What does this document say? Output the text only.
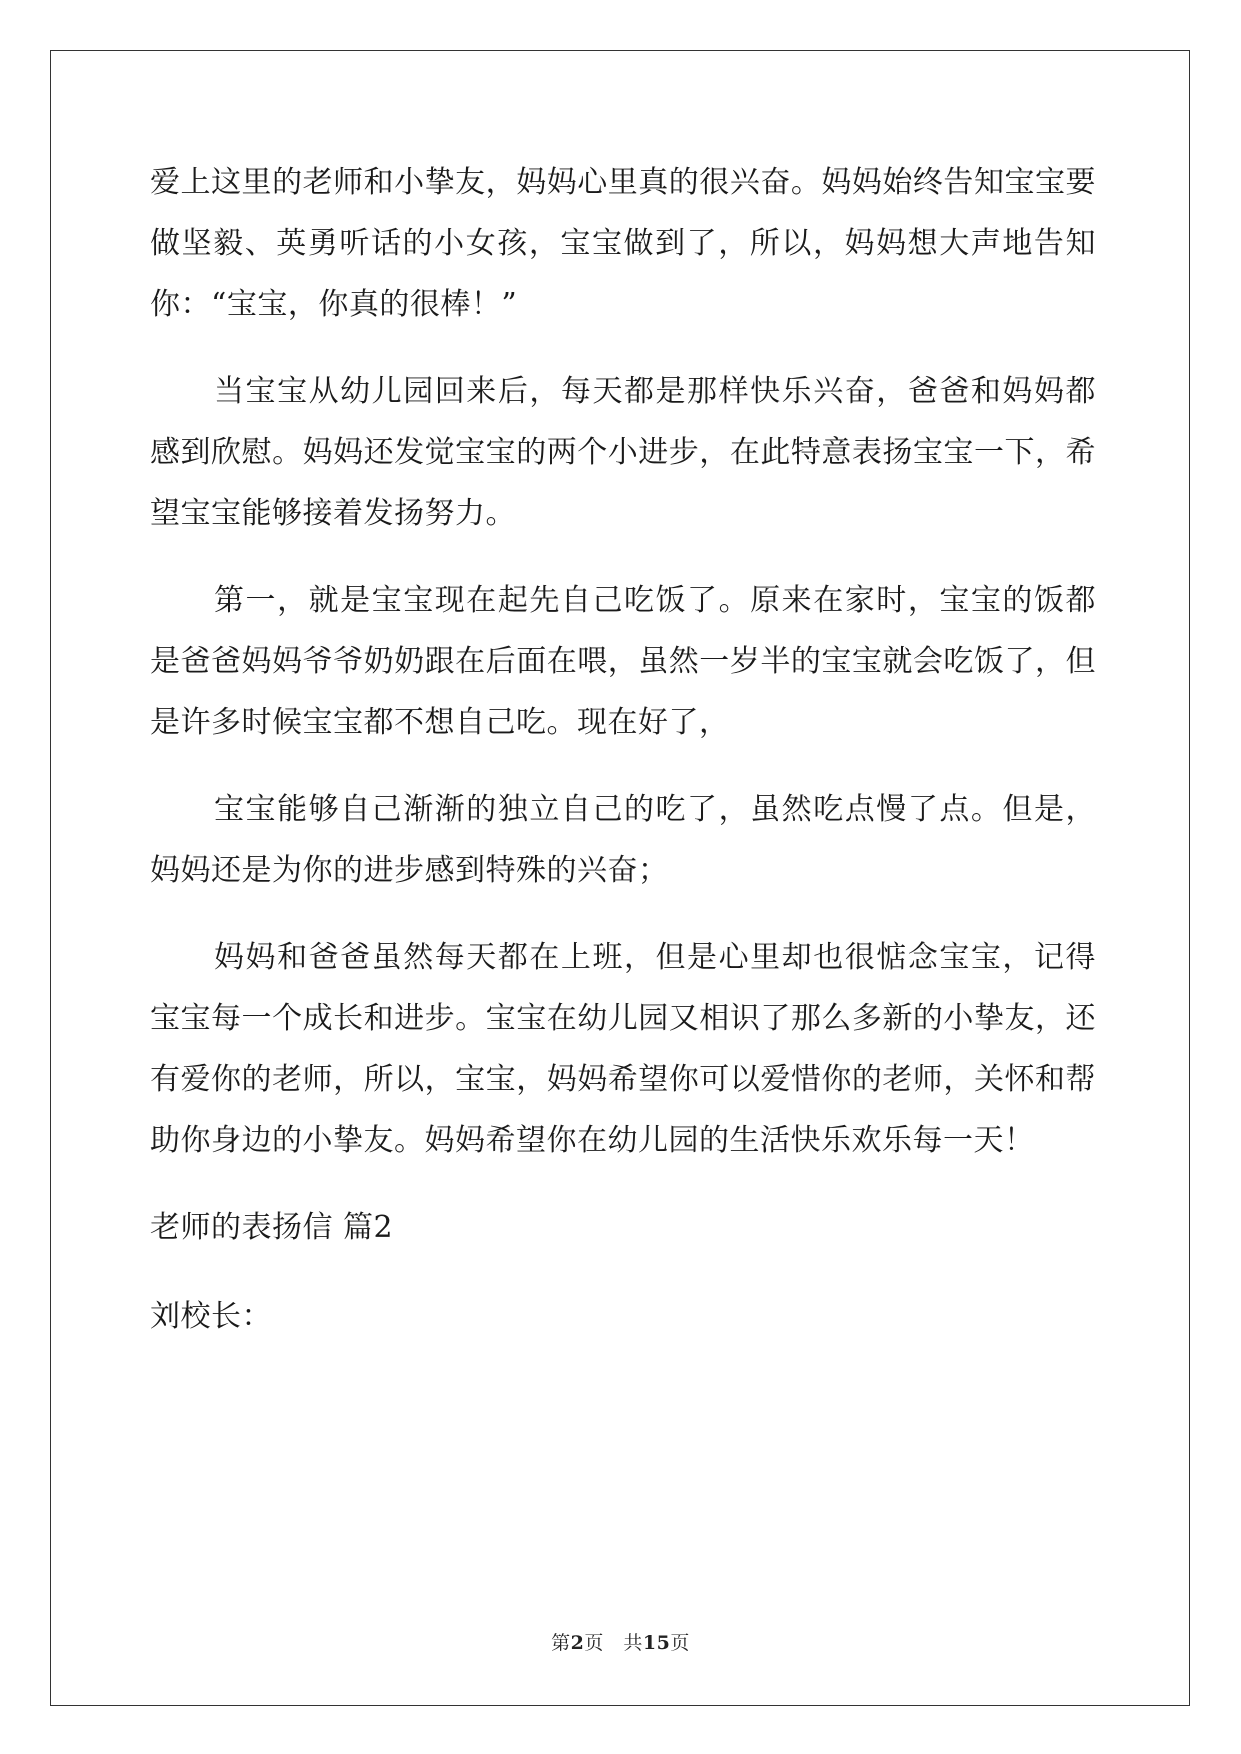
爱上这里的老师和小挚友，妈妈心里真的很兴奋。妈妈始终告知宝宝要做坚毅、英勇听话的小女孩，宝宝做到了，所以，妈妈想大声地告知你：“宝宝，你真的很棒！”

当宝宝从幼儿园回来后，每天都是那样快乐兴奋，爸爸和妈妈都感到欣慰。妈妈还发觉宝宝的两个小进步，在此特意表扬宝宝一下，希望宝宝能够接着发扬努力。

第一，就是宝宝现在起先自己吃饭了。原来在家时，宝宝的饭都是爸爸妈妈爷爷奶奶跟在后面在喂，虽然一岁半的宝宝就会吃饭了，但是许多时候宝宝都不想自己吃。现在好了，

宝宝能够自己渐渐的独立自己的吃了，虽然吃点慢了点。但是，妈妈还是为你的进步感到特殊的兴奋；

妈妈和爸爸虽然每天都在上班，但是心里却也很惦念宝宝，记得宝宝每一个成长和进步。宝宝在幼儿园又相识了那么多新的小挚友，还有爱你的老师，所以，宝宝，妈妈希望你可以爱惜你的老师，关怀和帮助你身边的小挚友。妈妈希望你在幼儿园的生活快乐欢乐每一天！

老师的表扬信 篇2
刘校长：
第2页　共15页
